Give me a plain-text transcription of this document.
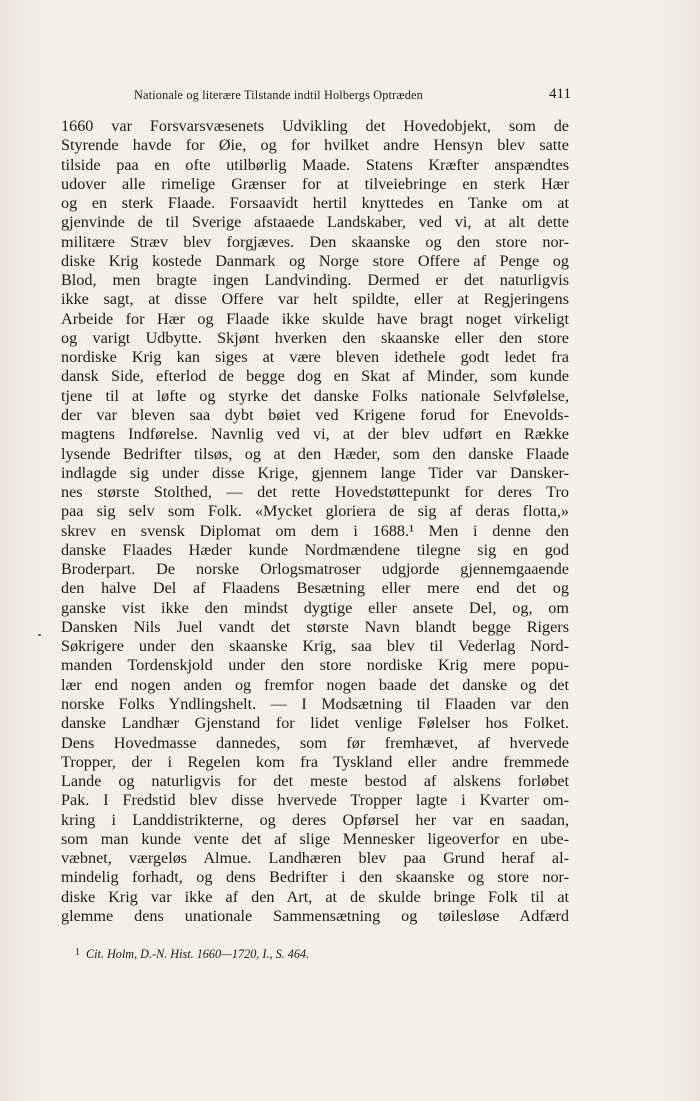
Nationale og literære Tilstande indtil Holbergs Optræden	411
1660 var Forsvarsvæsenets Udvikling det Hovedobjekt, som de
Styrende havde for Øie, og for hvilket andre Hensyn blev satte
tilside paa en ofte utilbørlig Maade. Statens Kræfter anspændtes
udover alle rimelige Grænser for at tilveiebringe en sterk Hær
og en sterk Flaade. Forsaavidt hertil knyttedes en Tanke om at
gjenvinde de til Sverige afstaaede Landskaber, ved vi, at alt dette
militære Stræv blev forgjæves. Den skaanske og den store nor-
diske Krig kostede Danmark og Norge store Offere af Penge og
Blod, men bragte ingen Landvinding. Dermed er det naturligvis
ikke sagt, at disse Offere var helt spildte, eller at Regjeringens
Arbeide for Hær og Flaade ikke skulde have bragt noget virkeligt
og varigt Udbytte. Skjønt hverken den skaanske eller den store
nordiske Krig kan siges at være bleven idethele godt ledet fra
dansk Side, efterlod de begge dog en Skat af Minder, som kunde
tjene til at løfte og styrke det danske Folks nationale Selvfølelse,
der var bleven saa dybt bøiet ved Krigene forud for Enevolds-
magtens Indførelse. Navnlig ved vi, at der blev udført en Række
lysende Bedrifter tilsøs, og at den Hæder, som den danske Flaade
indlagde sig under disse Krige, gjennem lange Tider var Dansker-
nes største Stolthed, — det rette Hovedstøttepunkt for deres Tro
paa sig selv som Folk. «Mycket gloriera de sig af deras flotta,»
skrev en svensk Diplomat om dem i 1688.¹ Men i denne den
danske Flaades Hæder kunde Nordmændene tilegne sig en god
Broderpart. De norske Orlogsmatroser udgjorde gjennemgaaende
den halve Del af Flaadens Besætning eller mere end det og
ganske vist ikke den mindst dygtige eller ansete Del, og, om
Dansken Nils Juel vandt det største Navn blandt begge Rigers
Søkrigere under den skaanske Krig, saa blev til Vederlag Nord-
manden Tordenskjold under den store nordiske Krig mere popu-
lær end nogen anden og fremfor nogen baade det danske og det
norske Folks Yndlingshelt. — I Modsætning til Flaaden var den
danske Landhær Gjenstand for lidet venlige Følelser hos Folket.
Dens Hovedmasse dannedes, som før fremhævet, af hvervede
Tropper, der i Regelen kom fra Tyskland eller andre fremmede
Lande og naturligvis for det meste bestod af alskens forløbet
Pak. I Fredstid blev disse hvervede Tropper lagte i Kvarter om-
kring i Landdistrikterne, og deres Opførsel her var en saadan,
som man kunde vente det af slige Mennesker ligeoverfor en ube-
væbnet, værgeløs Almue. Landhæren blev paa Grund heraf al-
mindelig forhadt, og dens Bedrifter i den skaanske og store nor-
diske Krig var ikke af den Art, at de skulde bringe Folk til at
glemme dens unationale Sammensætning og tøilesløse Adfærd
$^1$ Cit. Holm, D.-N. Hist. 1660—1720, I., S. 464.
